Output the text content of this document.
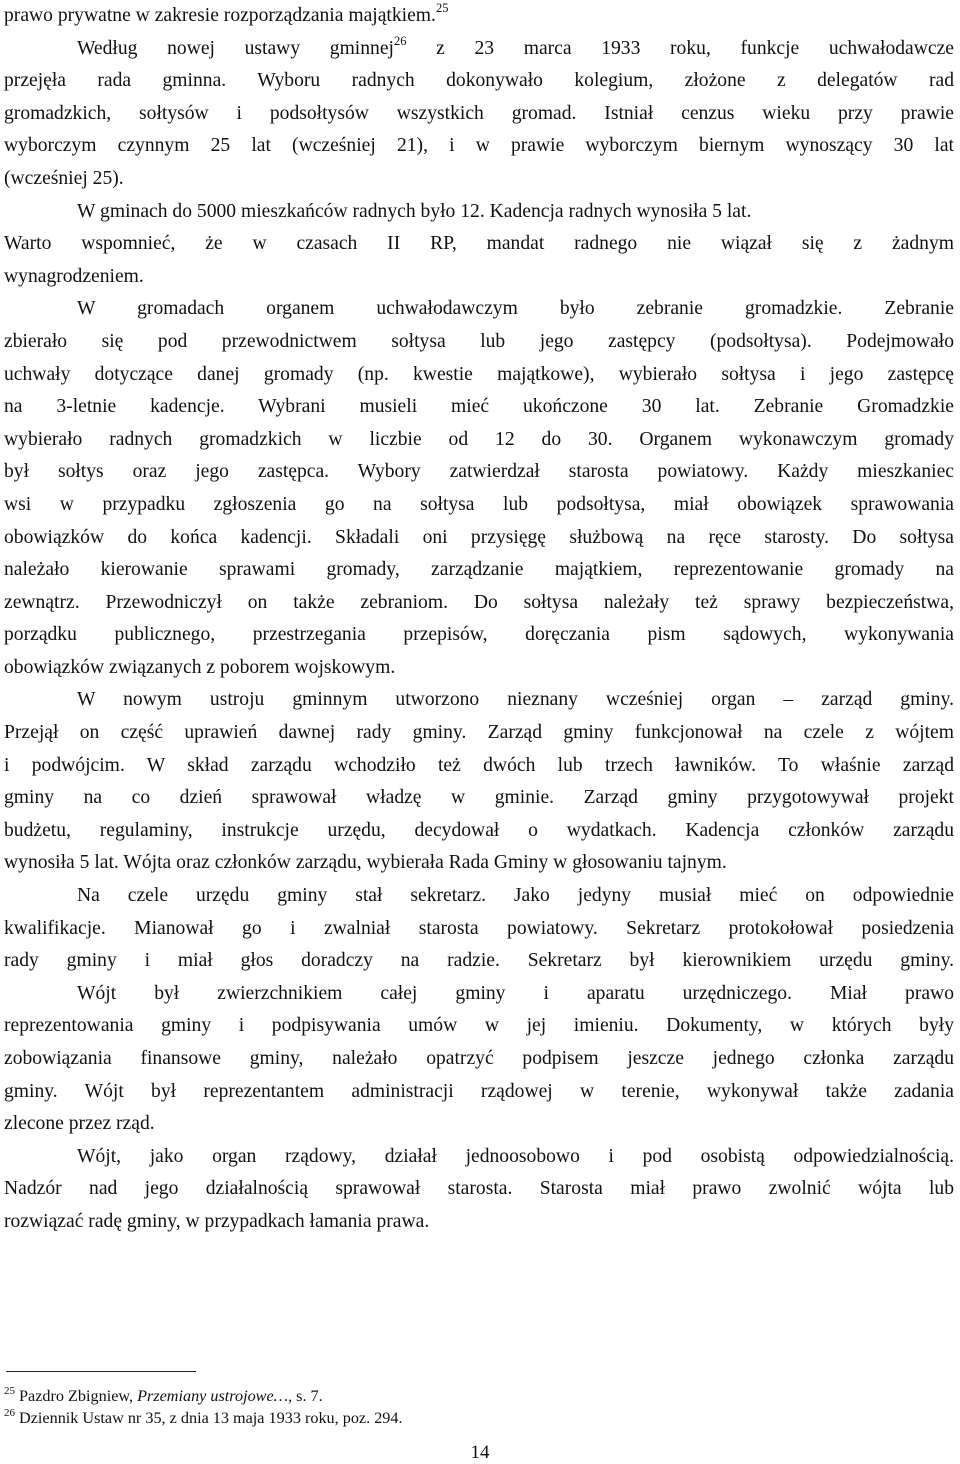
prawo prywatne w zakresie rozporządzania majątkiem.$^{25}$
Według nowej ustawy gminnej$^{26}$ z 23 marca 1933 roku, funkcje uchwałodawcze
przejęła rada gminna. Wyboru radnych dokonywało kolegium, złożone z delegatów rad
gromadzkich, sołtysów i podsołtysów wszystkich gromad. Istniał cenzus wieku przy prawie
wyborczym czynnym 25 lat (wcześniej 21), i w prawie wyborczym biernym wynoszący 30 lat
(wcześniej 25).
W gminach do 5000 mieszkańców radnych było 12. Kadencja radnych wynosiła 5 lat.
Warto wspomnieć, że w czasach II RP, mandat radnego nie wiązał się z żadnym
wynagrodzeniem.
W gromadach organem uchwałodawczym było zebranie gromadzkie. Zebranie
zbierało się pod przewodnictwem sołtysa lub jego zastępcy (podsołtysa). Podejmowało
uchwały dotyczące danej gromady (np. kwestie majątkowe), wybierało sołtysa i jego zastępcę
na 3-letnie kadencje. Wybrani musieli mieć ukończone 30 lat. Zebranie Gromadzkie
wybierało radnych gromadzkich w liczbie od 12 do 30. Organem wykonawczym gromady
był sołtys oraz jego zastępca. Wybory zatwierdzał starosta powiatowy. Każdy mieszkaniec
wsi w przypadku zgłoszenia go na sołtysa lub podsołtysa, miał obowiązek sprawowania
obowiązków do końca kadencji. Składali oni przysięgę służbową na ręce starosty. Do sołtysa
należało kierowanie sprawami gromady, zarządzanie majątkiem, reprezentowanie gromady na
zewnątrz. Przewodniczył on także zebraniom. Do sołtysa należały też sprawy bezpieczeństwa,
porządku publicznego, przestrzegania przepisów, doręczania pism sądowych, wykonywania
obowiązków związanych z poborem wojskowym.
W nowym ustroju gminnym utworzono nieznany wcześniej organ – zarząd gminy.
Przejął on część uprawień dawnej rady gminy. Zarząd gminy funkcjonował na czele z wójtem
i podwójcim. W skład zarządu wchodziło też dwóch lub trzech ławników. To właśnie zarząd
gminy na co dzień sprawował władzę w gminie. Zarząd gminy przygotowywał projekt
budżetu, regulaminy, instrukcje urzędu, decydował o wydatkach. Kadencja członków zarządu
wynosiła 5 lat. Wójta oraz członków zarządu, wybierała Rada Gminy w głosowaniu tajnym.
Na czele urzędu gminy stał sekretarz. Jako jedyny musiał mieć on odpowiednie
kwalifikacje. Mianował go i zwalniał starosta powiatowy. Sekretarz protokołował posiedzenia
rady gminy i miał głos doradczy na radzie. Sekretarz był kierownikiem urzędu gminy.
Wójt był zwierzchnikiem całej gminy i aparatu urzędniczego. Miał prawo
reprezentowania gminy i podpisywania umów w jej imieniu. Dokumenty, w których były
zobowiązania finansowe gminy, należało opatrzyć podpisem jeszcze jednego członka zarządu
gminy. Wójt był reprezentantem administracji rządowej w terenie, wykonywał także zadania
zlecone przez rząd.
Wójt, jako organ rządowy, działał jednoosobowo i pod osobistą odpowiedzialnością.
Nadzór nad jego działalnością sprawował starosta. Starosta miał prawo zwolnić wójta lub
rozwiązać radę gminy, w przypadkach łamania prawa.
$^{25}$ Pazdro Zbigniew, Przemiany ustrojowe…, s. 7.
$^{26}$ Dziennik Ustaw nr 35, z dnia 13 maja 1933 roku, poz. 294.
14
